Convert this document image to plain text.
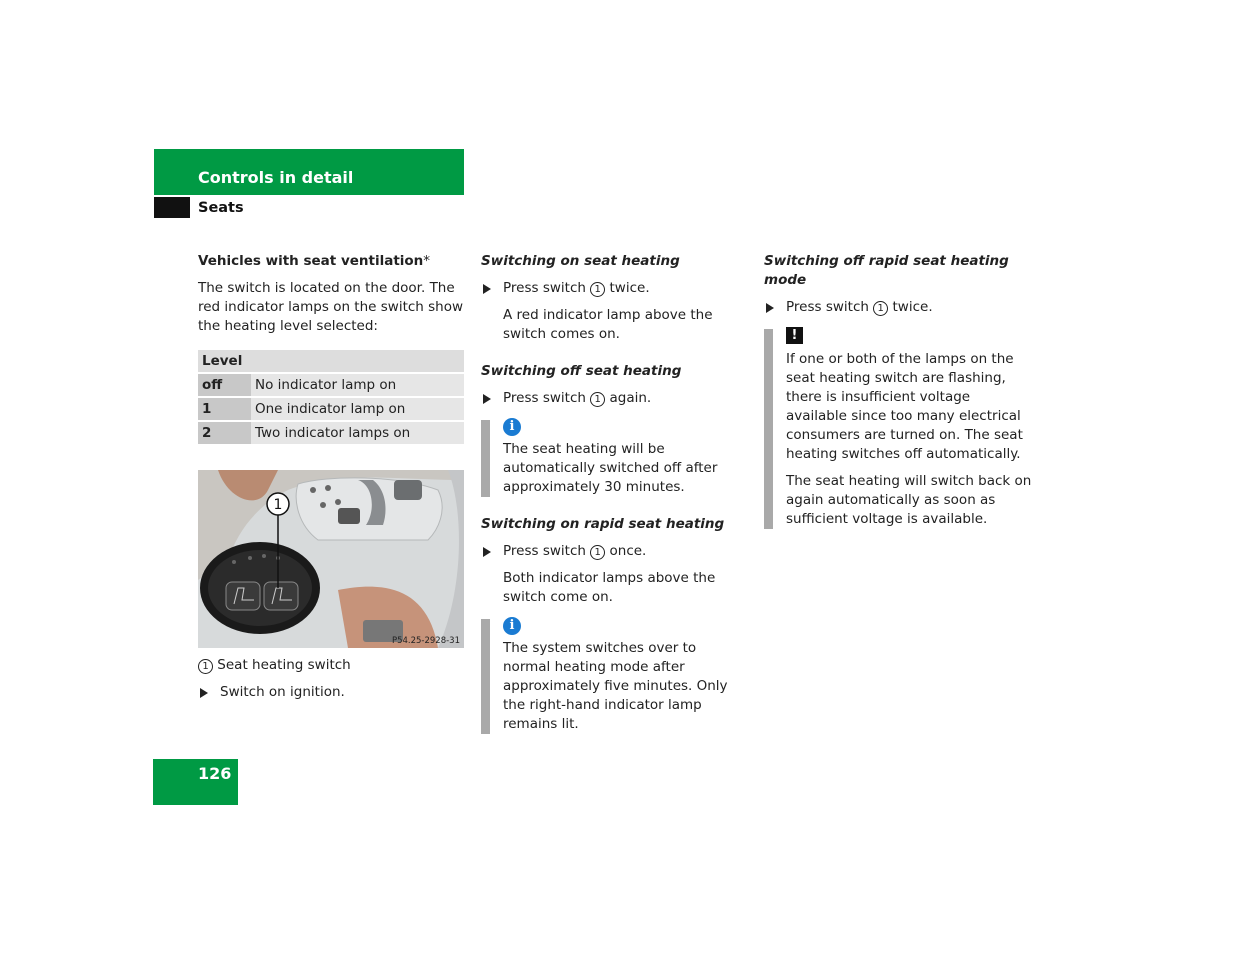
Controls in detail
Seats

Vehicles with seat ventilation*

The switch is located on the door. The red indicator lamps on the switch show the heating level selected:

Level	
off	No indicator lamp on
1	One indicator lamp on
2	Two indicator lamps on
1
P54.25-2928-31

1 Seat heating switch

Switch on ignition.

Switching on seat heating

Press switch 1 twice.

A red indicator lamp above the switch comes on.

Switching off seat heating

Press switch 1 again.
i

The seat heating will be automatically switched off after approximately 30 minutes.

Switching on rapid seat heating

Press switch 1 once.

Both indicator lamps above the switch come on.

i

The system switches over to normal heating mode after approximately five minutes. Only the right-hand indicator lamp remains lit.

Switching off rapid seat heating mode

Press switch 1 twice.
!

If one or both of the lamps on the seat heating switch are flashing, there is insufficient voltage available since too many electrical consumers are turned on. The seat heating switches off automatically.

The seat heating will switch back on again automatically as soon as sufficient voltage is available.

126
